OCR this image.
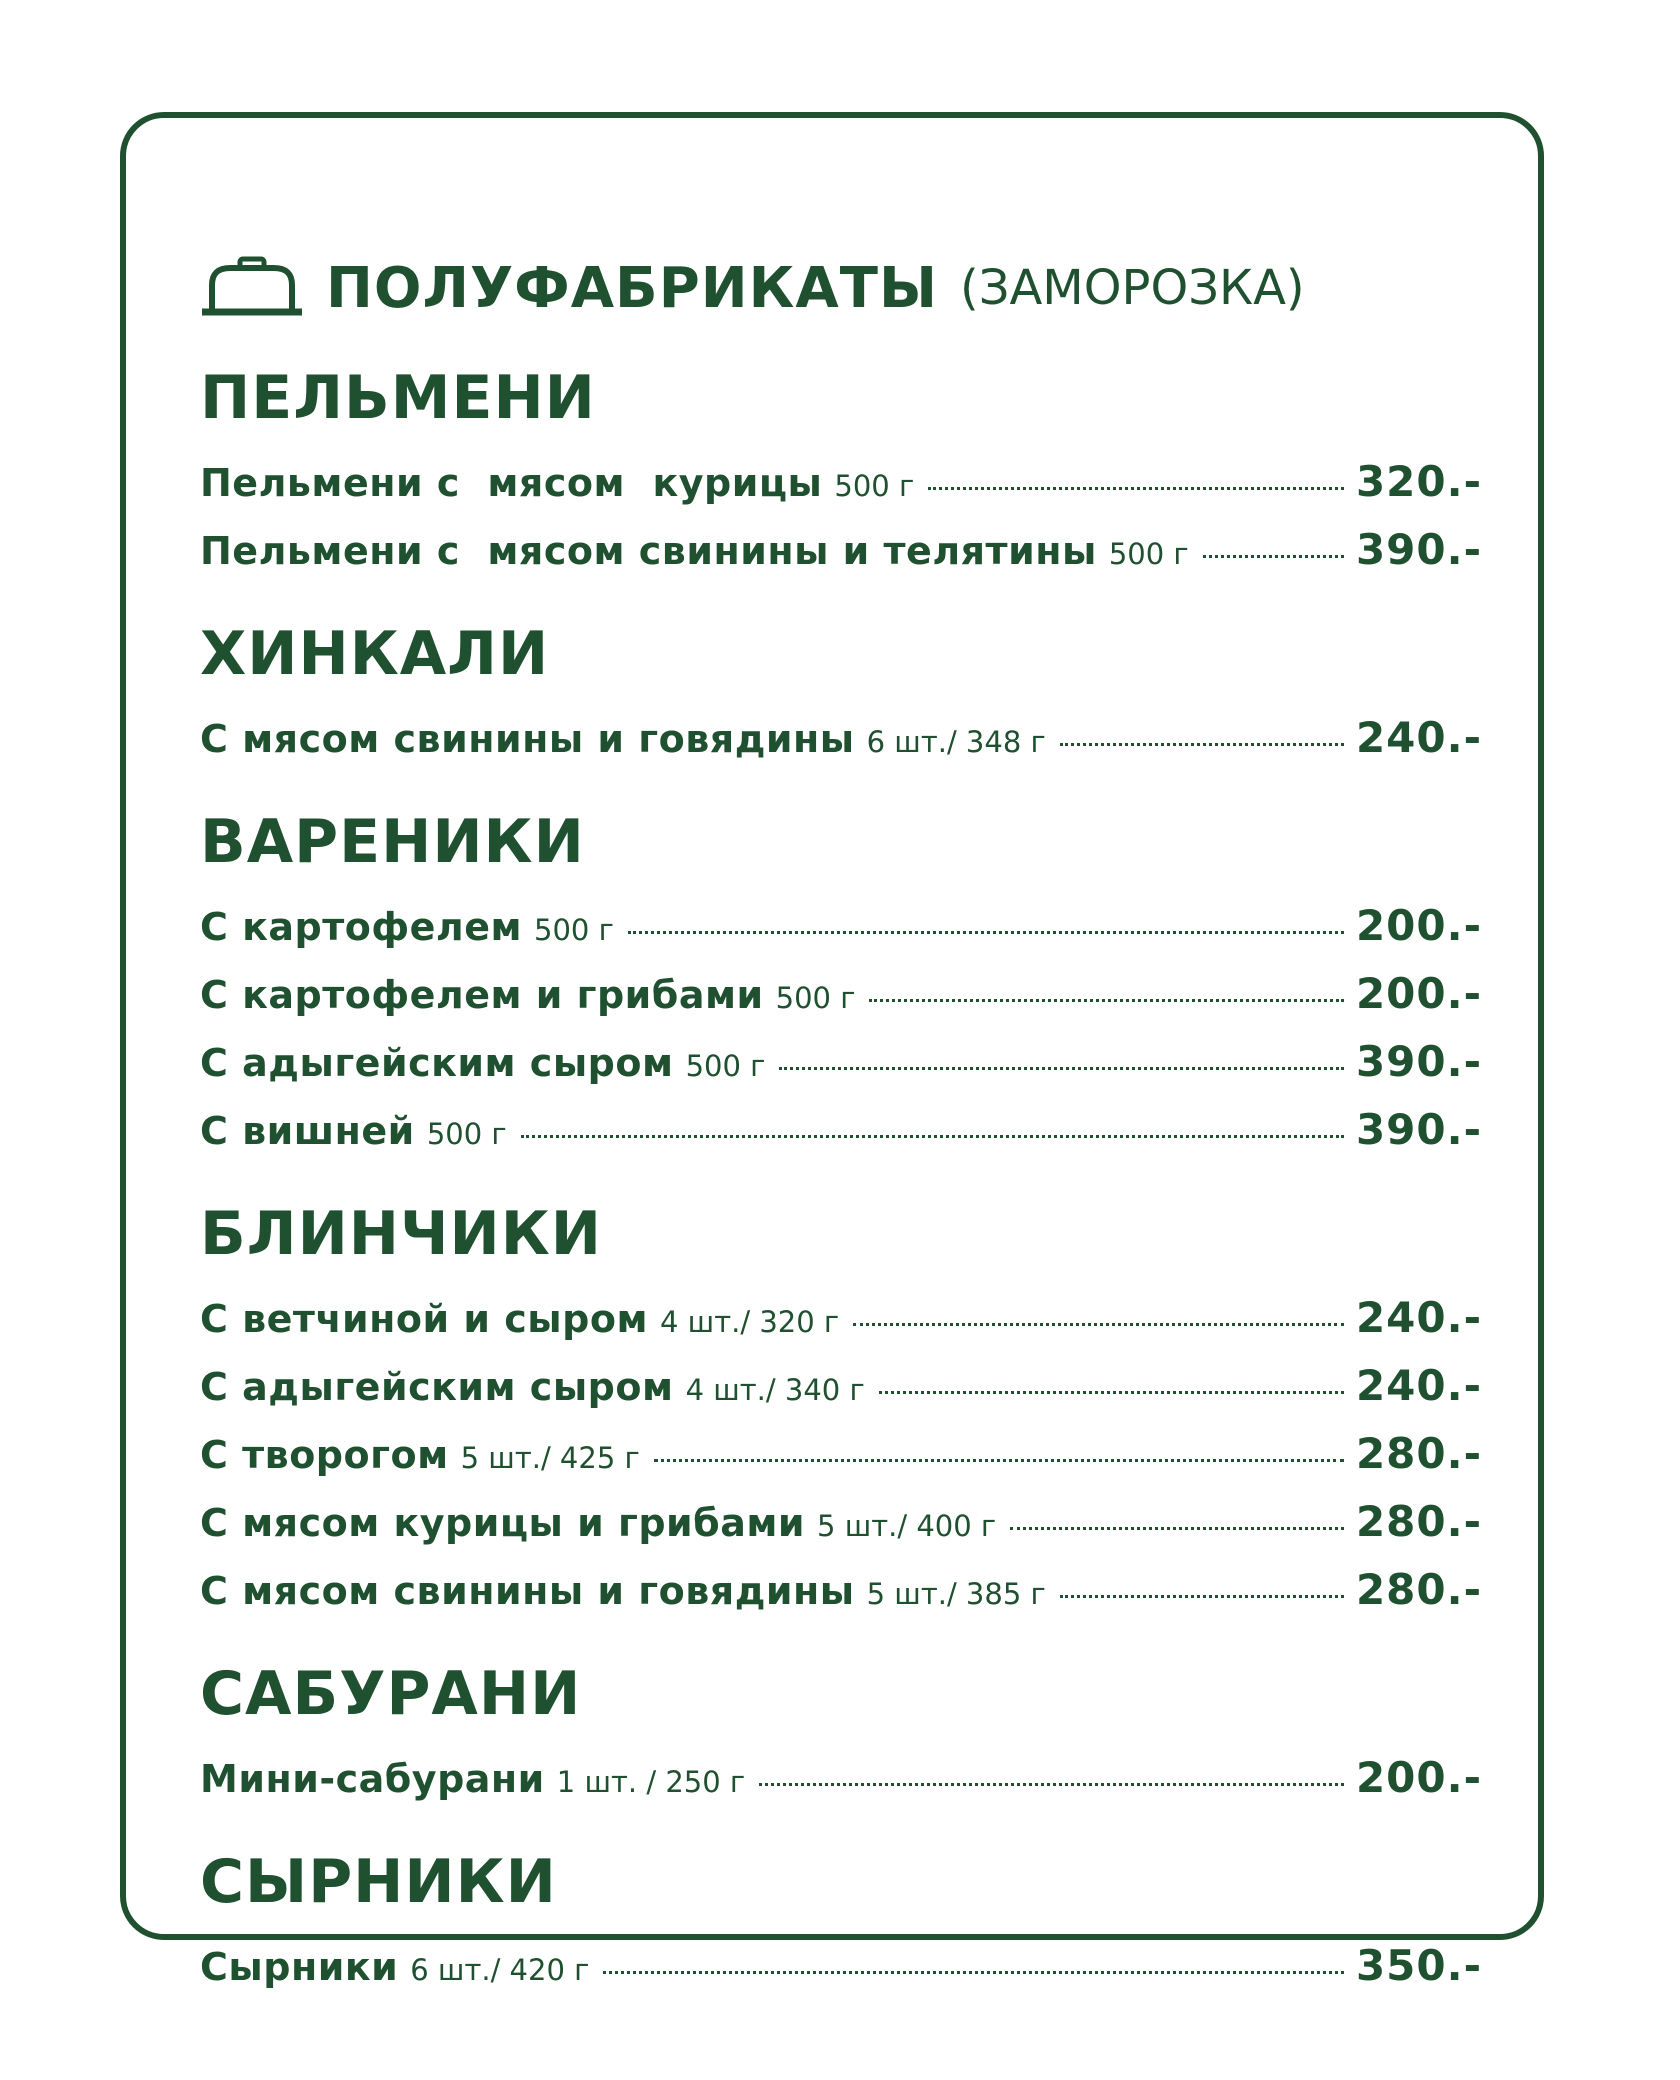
ПОЛУФАБРИКАТЫ (ЗАМОРОЗКА)
ПЕЛЬМЕНИ
Пельмени с  мясом  курицы 500 г	320.-
Пельмени с  мясом свинины и телятины 500 г	390.-
ХИНКАЛИ
С мясом свинины и говядины 6 шт./ 348 г	240.-
ВАРЕНИКИ
С картофелем 500 г	200.-
С картофелем и грибами 500 г	200.-
С адыгейским сыром 500 г	390.-
С вишней 500 г	390.-
БЛИНЧИКИ
С ветчиной и сыром 4 шт./ 320 г	240.-
С адыгейским сыром 4 шт./ 340 г	240.-
С творогом 5 шт./ 425 г	280.-
С мясом курицы и грибами 5 шт./ 400 г	280.-
С мясом свинины и говядины 5 шт./ 385 г	280.-
САБУРАНИ
Мини-сабурани 1 шт. / 250 г	200.-
СЫРНИКИ
Сырники 6 шт./ 420 г	350.-
